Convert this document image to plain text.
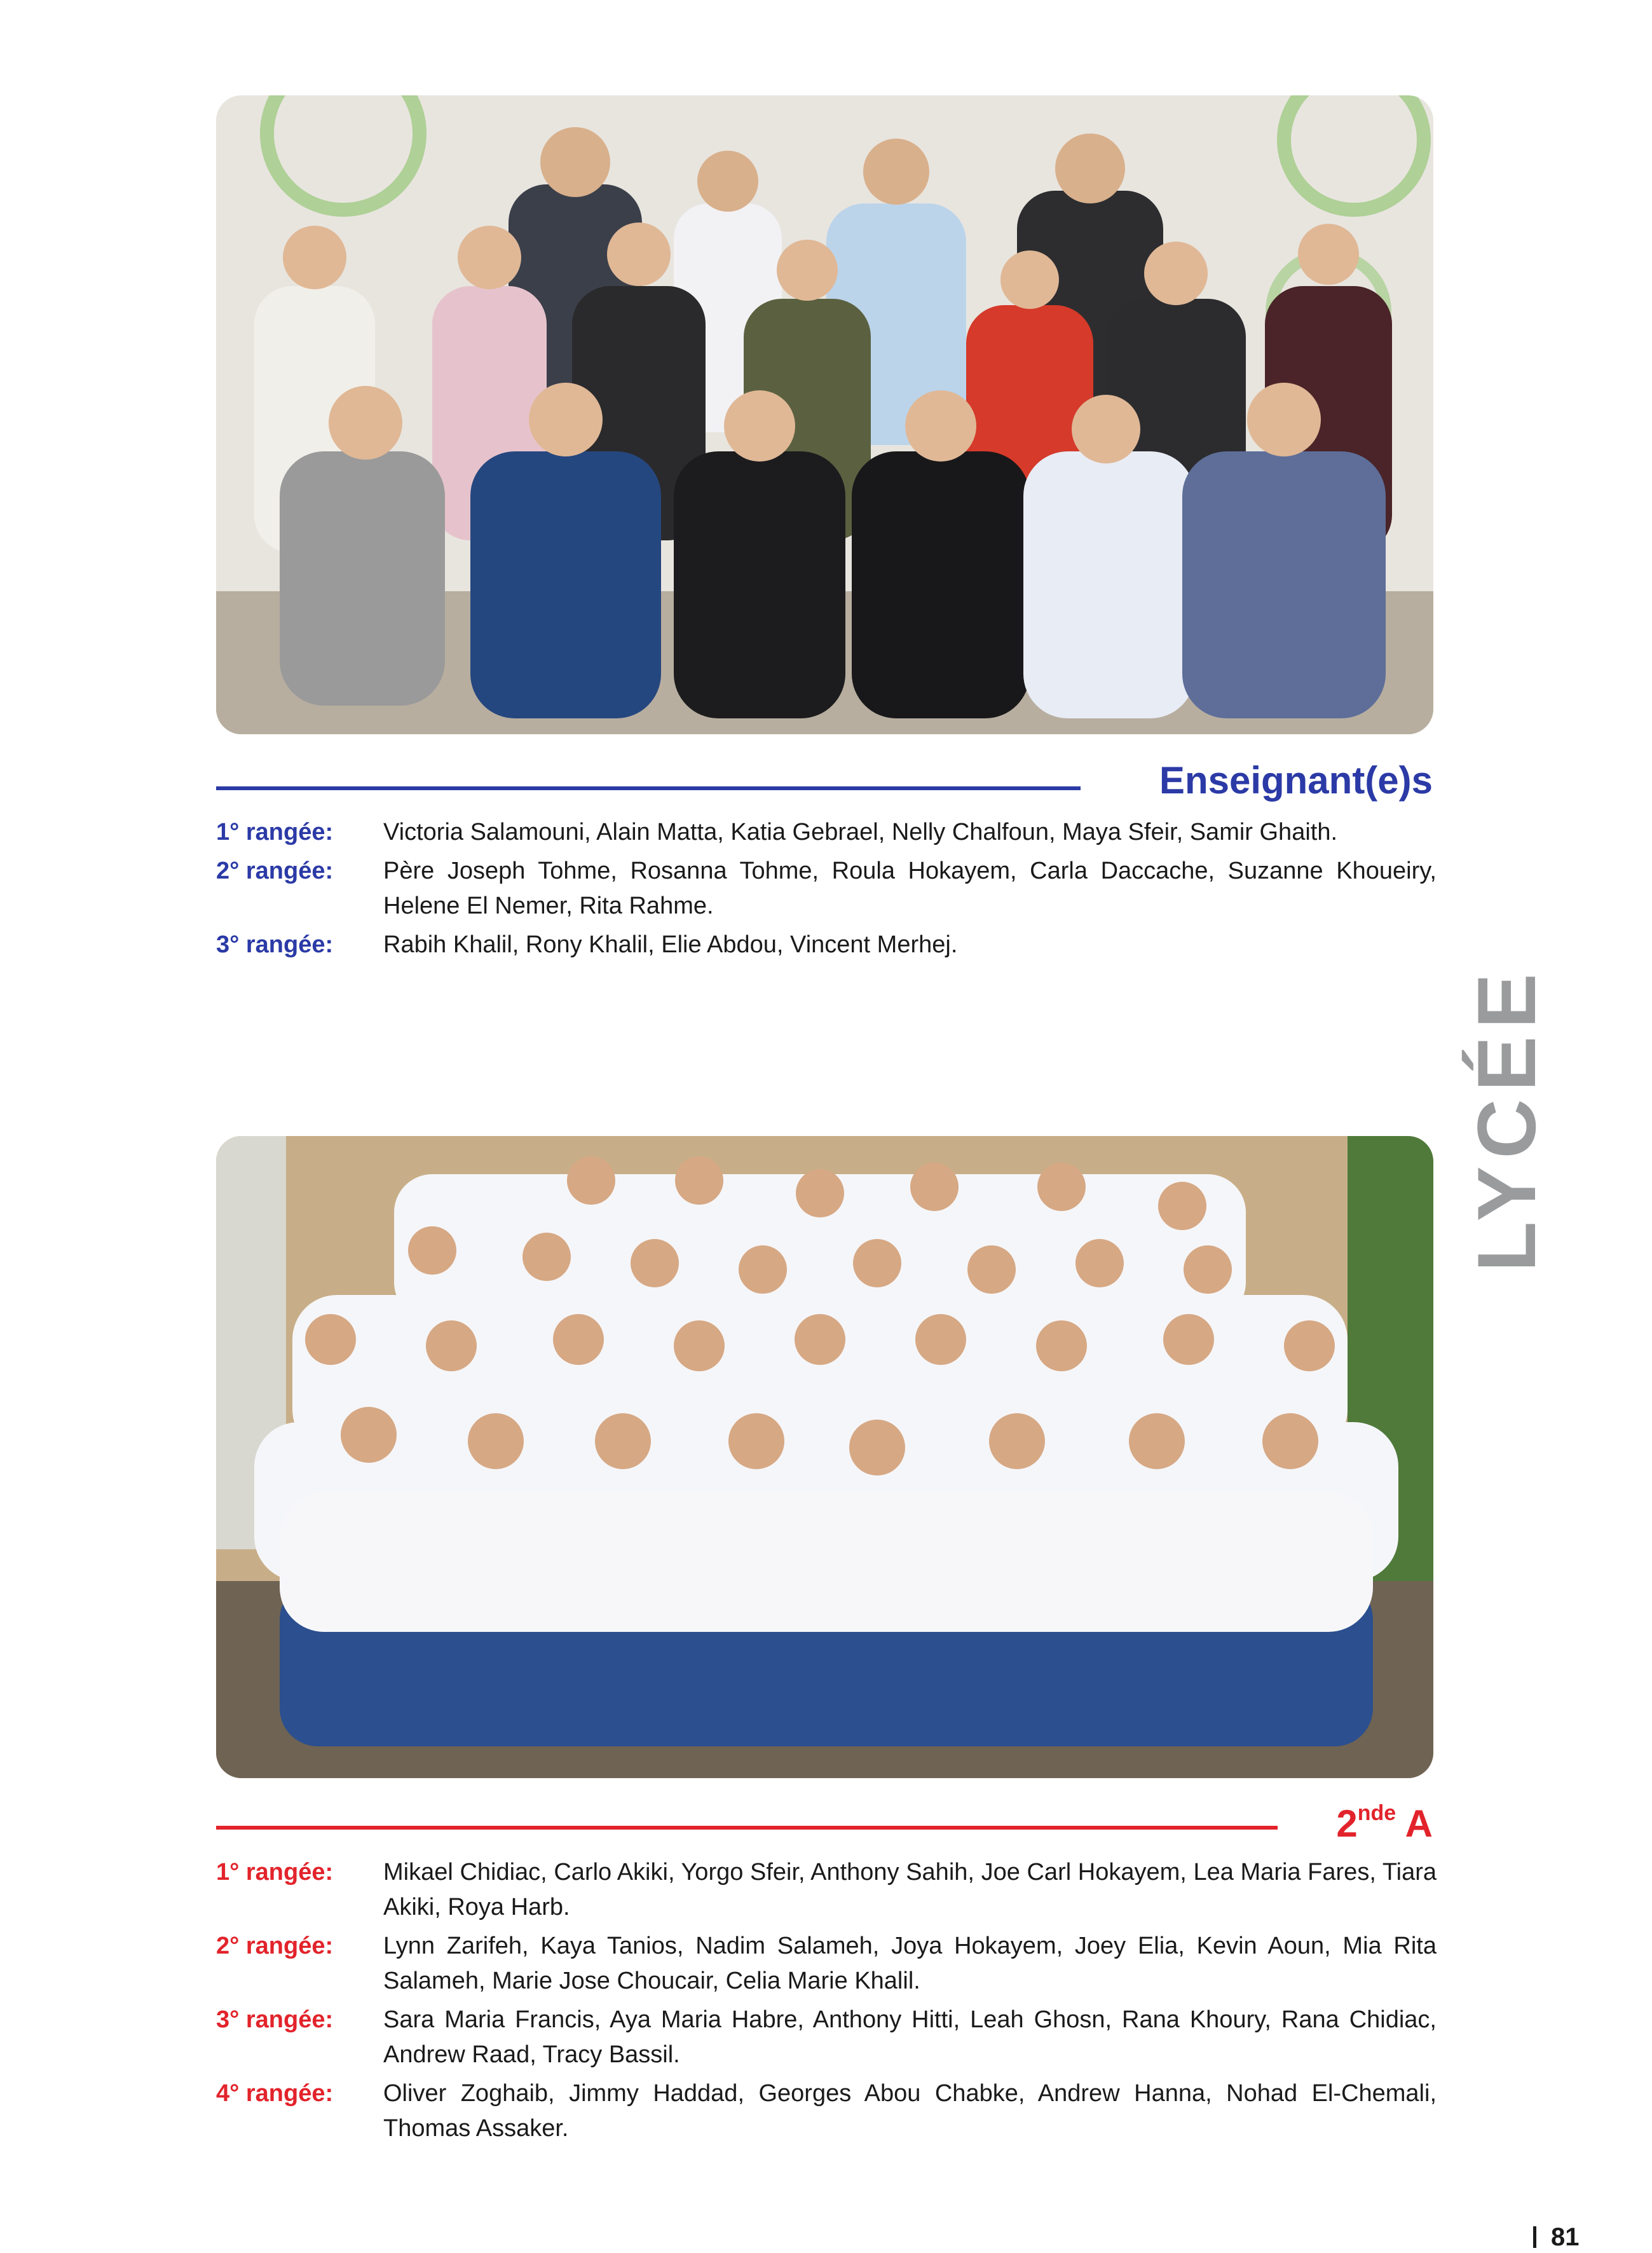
Enseignant(e)s
1° rangée:	Victoria Salamouni, Alain Matta, Katia Gebrael, Nelly Chalfoun, Maya Sfeir, Samir Ghaith.
2° rangée:	Père Joseph Tohme, Rosanna Tohme, Roula Hokayem, Carla Daccache, Suzanne Khoueiry, Helene El Nemer, Rita Rahme.
3° rangée:	Rabih Khalil, Rony Khalil, Elie Abdou, Vincent Merhej.
LYCÉE
2nde A
1° rangée:	Mikael Chidiac, Carlo Akiki, Yorgo Sfeir, Anthony Sahih, Joe Carl Hokayem, Lea Maria Fares, Tiara Akiki, Roya Harb.
2° rangée:	Lynn Zarifeh, Kaya Tanios, Nadim Salameh, Joya Hokayem, Joey Elia, Kevin Aoun, Mia Rita Salameh, Marie Jose Choucair, Celia Marie Khalil.
3° rangée:	Sara Maria Francis, Aya Maria Habre, Anthony Hitti, Leah Ghosn, Rana Khoury, Rana Chidiac, Andrew Raad, Tracy Bassil.
4° rangée:	Oliver Zoghaib, Jimmy Haddad, Georges Abou Chabke, Andrew Hanna, Nohad El-Chemali, Thomas Assaker.
81
